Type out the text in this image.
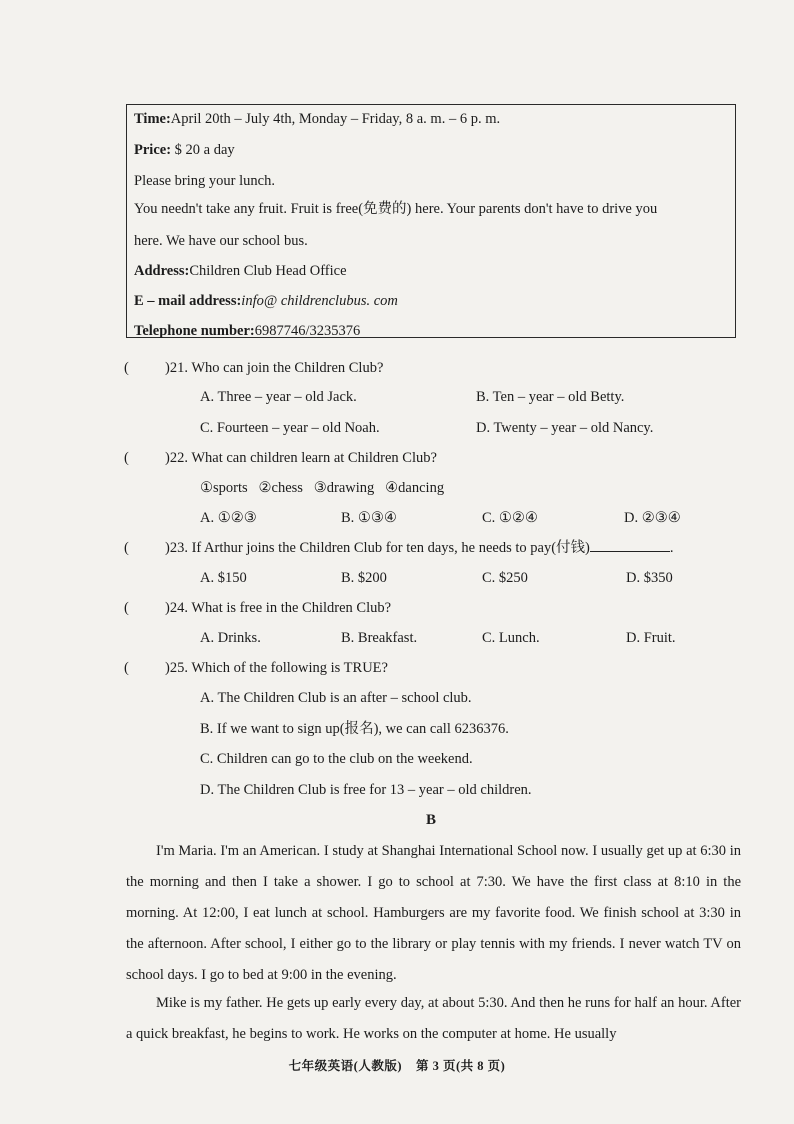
Time:April 20th – July 4th, Monday – Friday, 8 a. m. – 6 p. m.
Price: $ 20 a day
Please bring your lunch.
You needn't take any fruit. Fruit is free(免费的) here. Your parents don't have to drive you
here. We have our school bus.
Address:Children Club Head Office
E – mail address:info@ childrenclubus. com
Telephone number:6987746/3235376
( )21. Who can join the Children Club?
A. Three – year – old Jack.	B. Ten – year – old Betty.
C. Fourteen – year – old Noah.	D. Twenty – year – old Nancy.
( )22. What can children learn at Children Club?
①sports   ②chess   ③drawing   ④dancing
A. ①②③	B. ①③④	C. ①②④	D. ②③④
( )23. If Arthur joins the Children Club for ten days, he needs to pay(付钱)	.
A. $150	B. $200	C. $250	D. $350
( )24. What is free in the Children Club?
A. Drinks.	B. Breakfast.	C. Lunch.	D. Fruit.
( )25. Which of the following is TRUE?
A. The Children Club is an after – school club.
B. If we want to sign up(报名), we can call 6236376.
C. Children can go to the club on the weekend.
D. The Children Club is free for 13 – year – old children.
B
I'm Maria. I'm an American. I study at Shanghai International School now. I usually get up at 6:30 in the morning and then I take a shower. I go to school at 7:30. We have the first class at 8:10 in the morning. At 12:00, I eat lunch at school. Hamburgers are my favorite food. We finish school at 3:30 in the afternoon. After school, I either go to the library or play tennis with my friends. I never watch TV on school days. I go to bed at 9:00 in the evening.
Mike is my father. He gets up early every day, at about 5:30. And then he runs for half an hour. After a quick breakfast, he begins to work. He works on the computer at home. He usually
七年级英语(人教版) 第 3 页(共 8 页)
